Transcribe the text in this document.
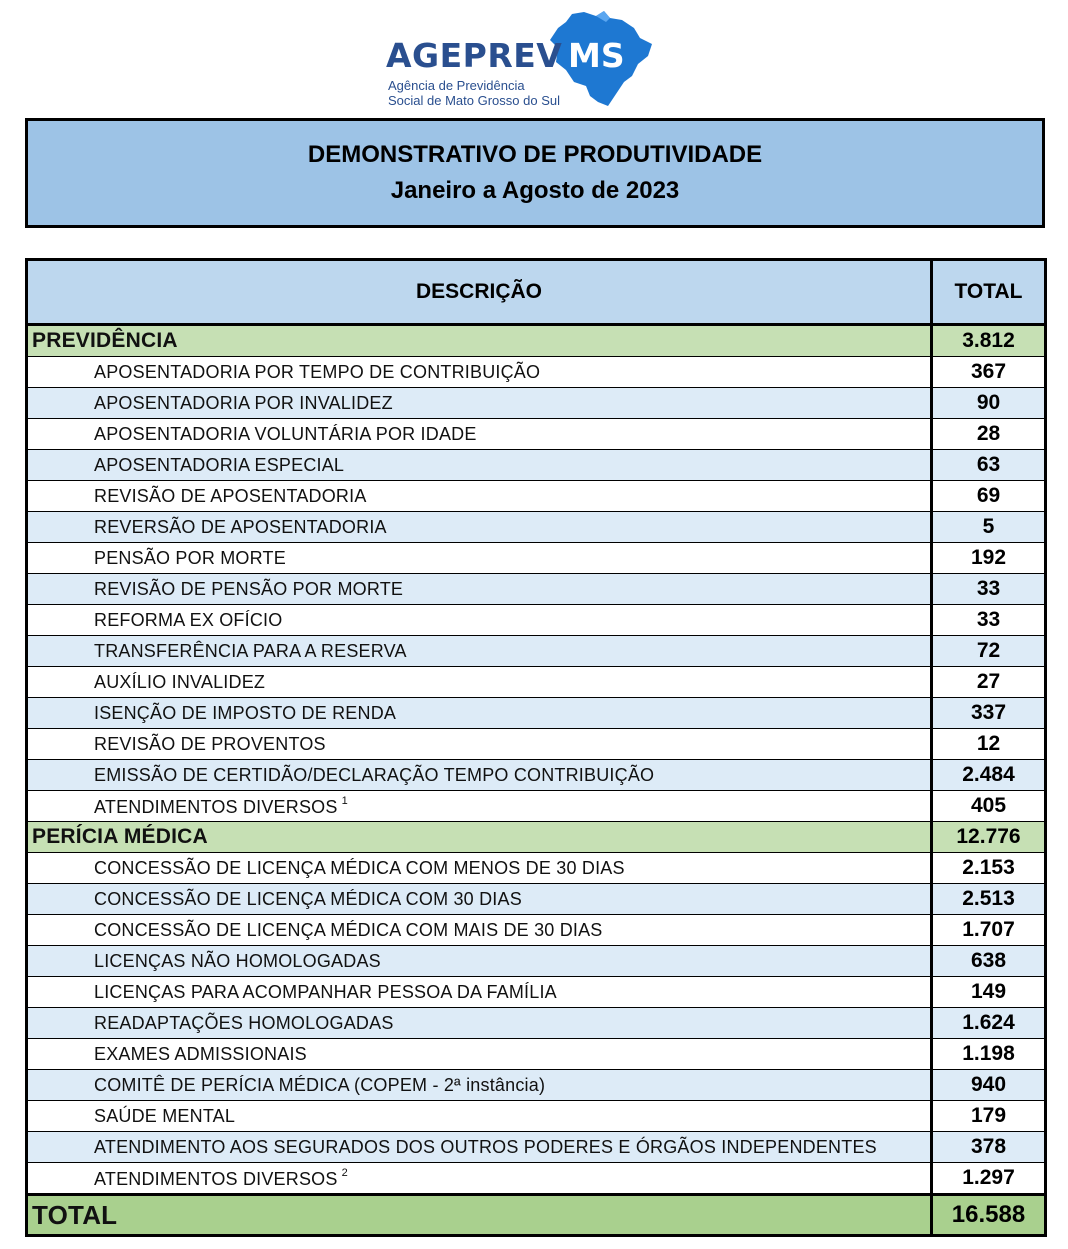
AGEPREV MS
Agência de Previdência
Social de Mato Grosso do Sul
DEMONSTRATIVO DE PRODUTIVIDADE
Janeiro a Agosto de 2023
DESCRIÇÃO	TOTAL
PREVIDÊNCIA	3.812
APOSENTADORIA POR TEMPO DE CONTRIBUIÇÃO	367
APOSENTADORIA POR INVALIDEZ	90
APOSENTADORIA VOLUNTÁRIA POR IDADE	28
APOSENTADORIA ESPECIAL	63
REVISÃO DE APOSENTADORIA	69
REVERSÃO DE APOSENTADORIA	5
PENSÃO POR MORTE	192
REVISÃO DE PENSÃO POR MORTE	33
REFORMA EX OFÍCIO	33
TRANSFERÊNCIA PARA A RESERVA	72
AUXÍLIO INVALIDEZ	27
ISENÇÃO DE IMPOSTO DE RENDA	337
REVISÃO DE PROVENTOS	12
EMISSÃO DE CERTIDÃO/DECLARAÇÃO TEMPO CONTRIBUIÇÃO	2.484
ATENDIMENTOS DIVERSOS $^1$	405
PERÍCIA MÉDICA	12.776
CONCESSÃO DE LICENÇA MÉDICA COM MENOS DE 30 DIAS	2.153
CONCESSÃO DE LICENÇA MÉDICA COM 30 DIAS	2.513
CONCESSÃO DE LICENÇA MÉDICA COM MAIS DE 30 DIAS	1.707
LICENÇAS NÃO HOMOLOGADAS	638
LICENÇAS PARA ACOMPANHAR PESSOA DA FAMÍLIA	149
READAPTAÇÕES HOMOLOGADAS	1.624
EXAMES ADMISSIONAIS	1.198
COMITÊ DE PERÍCIA MÉDICA (COPEM - 2ª instância)	940
SAÚDE MENTAL	179
ATENDIMENTO AOS SEGURADOS DOS OUTROS PODERES E ÓRGÃOS INDEPENDENTES	378
ATENDIMENTOS DIVERSOS $^2$	1.297
TOTAL	16.588
